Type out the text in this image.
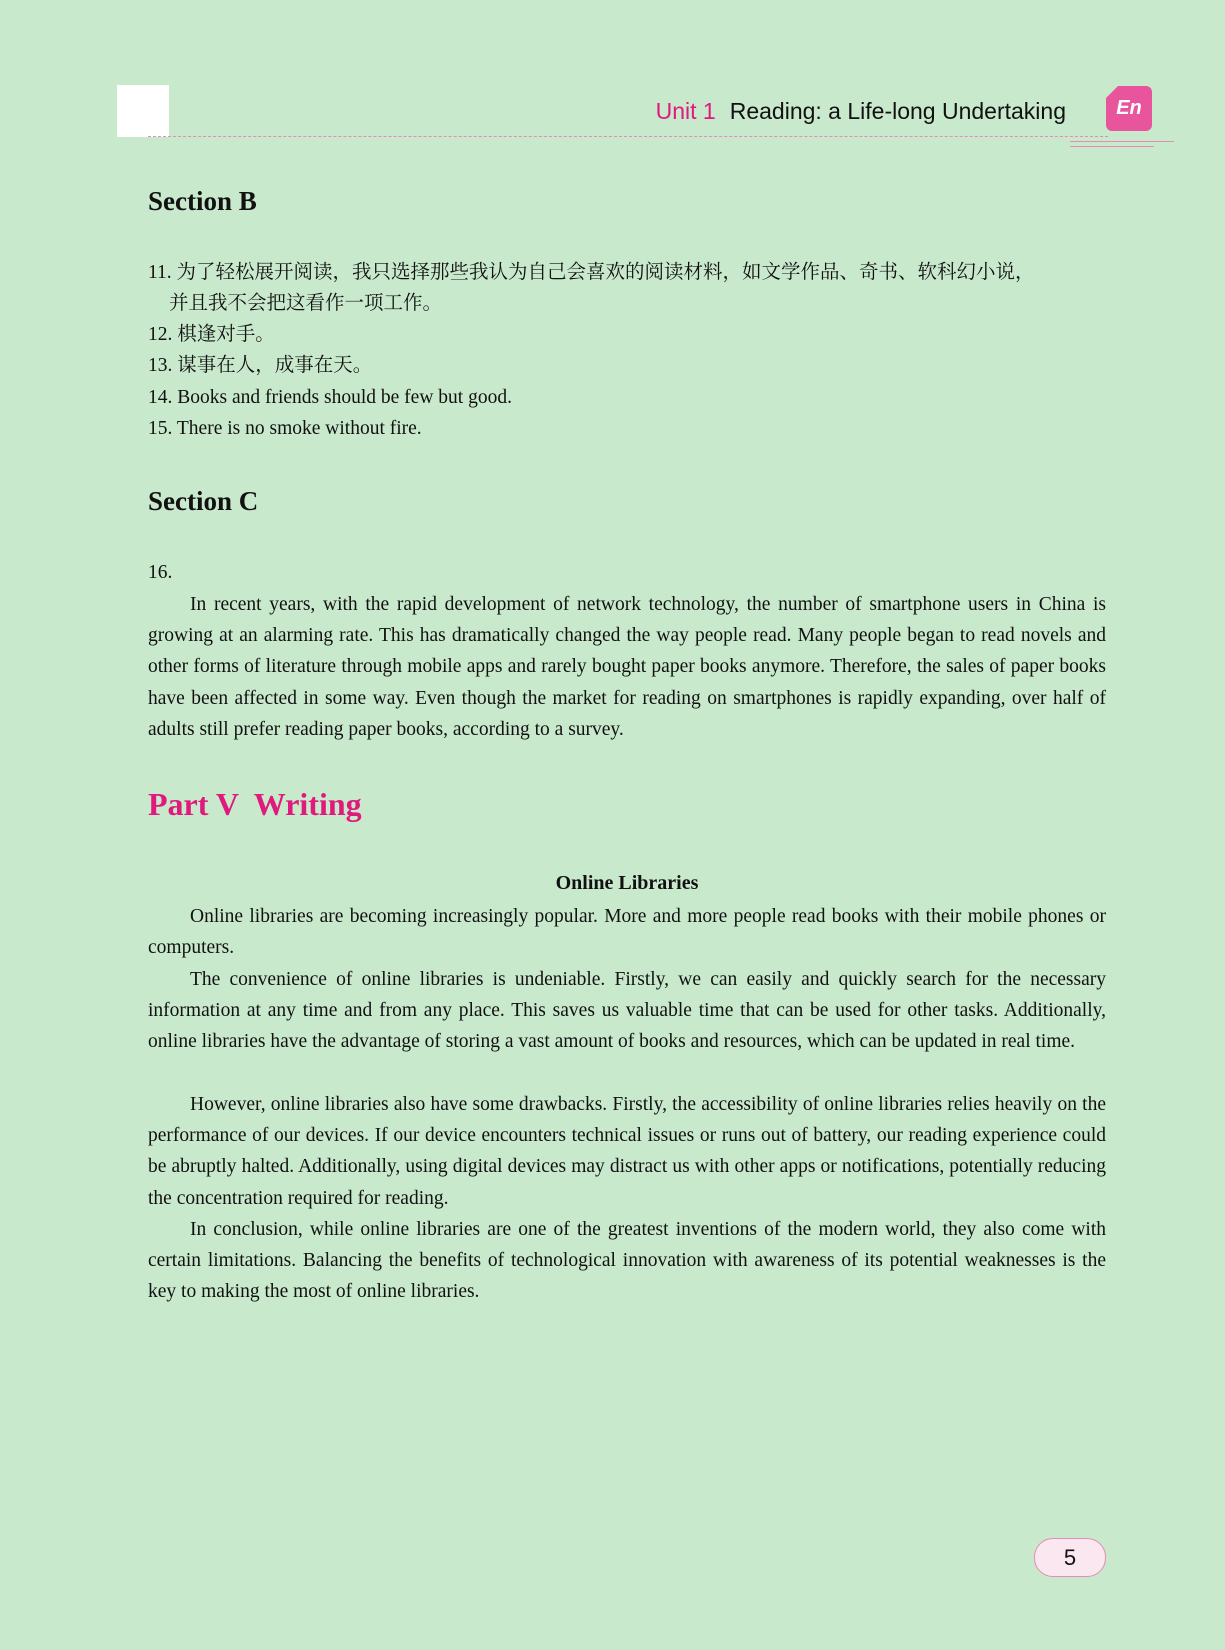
Unit 1 Reading: a Life-long Undertaking	En
Section B
11. 为了轻松展开阅读，我只选择那些我认为自己会喜欢的阅读材料，如文学作品、奇书、软科幻小说，
并且我不会把这看作一项工作。
12. 棋逢对手。
13. 谋事在人，成事在天。
14. Books and friends should be few but good.
15. There is no smoke without fire.
Section C
16.

In recent years, with the rapid development of network technology, the number of smartphone users in China is growing at an alarming rate. This has dramatically changed the way people read. Many people began to read novels and other forms of literature through mobile apps and rarely bought paper books anymore. Therefore, the sales of paper books have been affected in some way. Even though the market for reading on smartphones is rapidly expanding, over half of adults still prefer reading paper books, according to a survey.

Part V  Writing

Online Libraries

Online libraries are becoming increasingly popular. More and more people read books with their mobile phones or computers.

The convenience of online libraries is undeniable. Firstly, we can easily and quickly search for the necessary information at any time and from any place. This saves us valuable time that can be used for other tasks. Additionally, online libraries have the advantage of storing a vast amount of books and resources, which can be updated in real time.

However, online libraries also have some drawbacks. Firstly, the accessibility of online libraries relies heavily on the performance of our devices. If our device encounters technical issues or runs out of battery, our reading experience could be abruptly halted. Additionally, using digital devices may distract us with other apps or notifications, potentially reducing the concentration required for reading.

In conclusion, while online libraries are one of the greatest inventions of the modern world, they also come with certain limitations. Balancing the benefits of technological innovation with awareness of its potential weaknesses is the key to making the most of online libraries.

5
